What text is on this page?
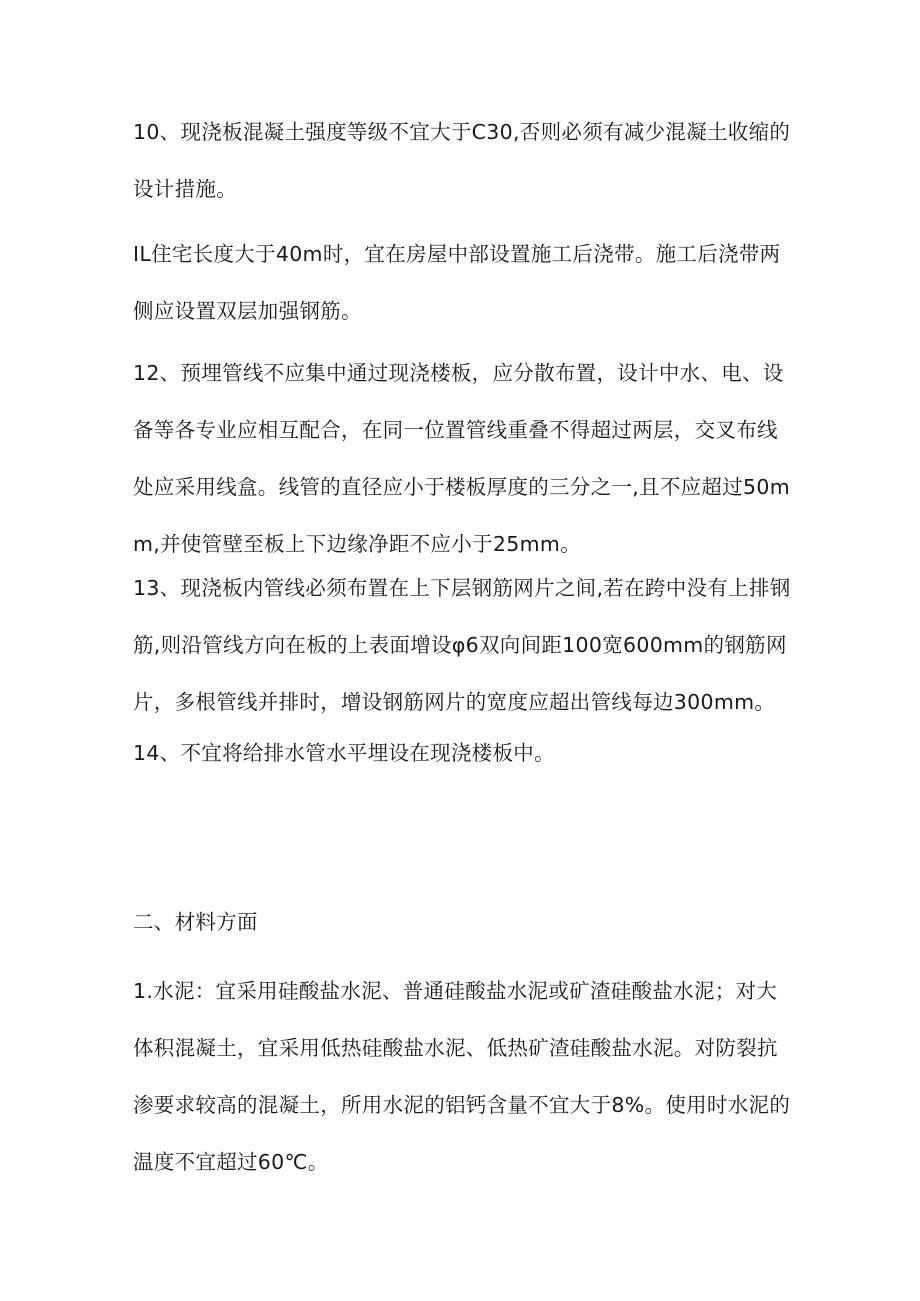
10、现浇板混凝土强度等级不宜大于C30,否则必须有减少混凝土收缩的设计措施。

IL住宅长度大于40m时，宜在房屋中部设置施工后浇带。施工后浇带两侧应设置双层加强钢筋。

12、预埋管线不应集中通过现浇楼板，应分散布置，设计中水、电、设备等各专业应相互配合，在同一位置管线重叠不得超过两层，交叉布线处应采用线盒。线管的直径应小于楼板厚度的三分之一,且不应超过50mm,并使管壁至板上下边缘净距不应小于25mm。

13、现浇板内管线必须布置在上下层钢筋网片之间,若在跨中没有上排钢筋,则沿管线方向在板的上表面增设φ6双向间距100宽600mm的钢筋网片，多根管线并排时，增设钢筋网片的宽度应超出管线每边300mm。

14、不宜将给排水管水平埋设在现浇楼板中。

二、材料方面

1.水泥：宜采用硅酸盐水泥、普通硅酸盐水泥或矿渣硅酸盐水泥；对大体积混凝土，宜采用低热硅酸盐水泥、低热矿渣硅酸盐水泥。对防裂抗渗要求较高的混凝土，所用水泥的铝钙含量不宜大于8%。使用时水泥的温度不宜超过60℃。
